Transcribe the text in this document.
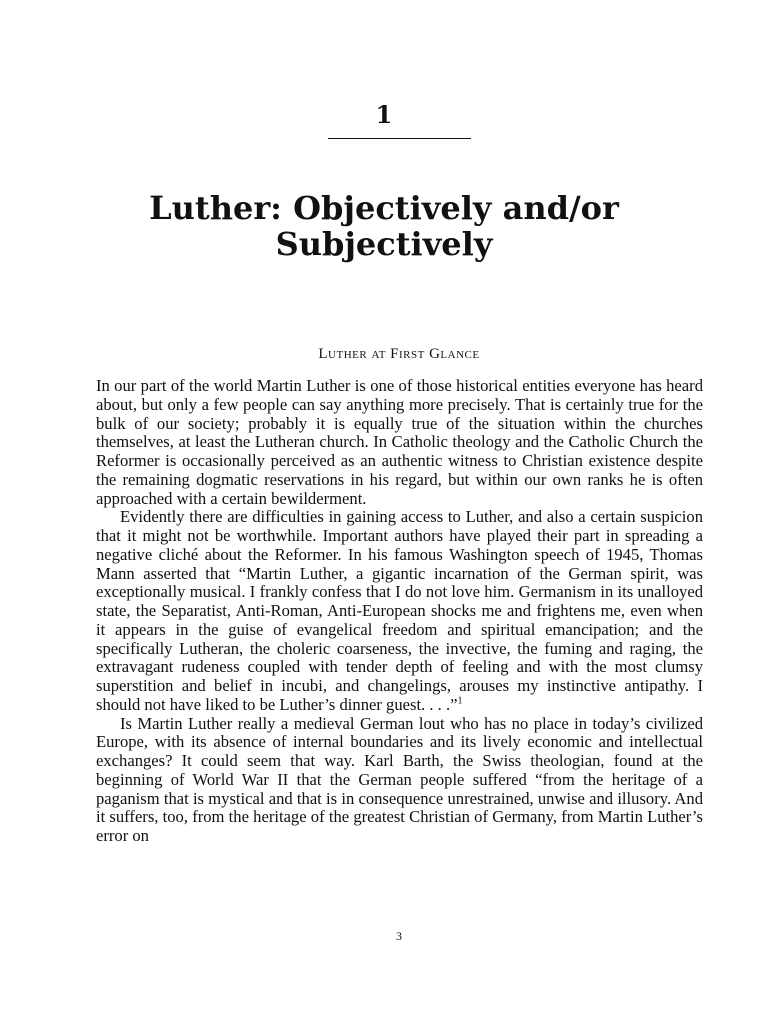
1
Luther: Objectively and/or
Subjectively
Luther at First Glance

In our part of the world Martin Luther is one of those historical entities everyone has heard about, but only a few people can say anything more precisely. That is certainly true for the bulk of our society; probably it is equally true of the situation within the churches themselves, at least the Lutheran church. In Catholic theology and the Catholic Church the Reformer is occasionally perceived as an authentic witness to Christian existence despite the remaining dogmatic reservations in his regard, but within our own ranks he is often approached with a certain bewilderment.

Evidently there are difficulties in gaining access to Luther, and also a certain suspicion that it might not be worthwhile. Important authors have played their part in spreading a negative cliché about the Reformer. In his famous Washington speech of 1945, Thomas Mann asserted that “Martin Luther, a gigantic incarnation of the German spirit, was exceptionally musical. I frankly confess that I do not love him. Germanism in its unalloyed state, the Separatist, Anti-Roman, Anti-European shocks me and frightens me, even when it appears in the guise of evangelical freedom and spiritual emancipation; and the specifically Lutheran, the choleric coarseness, the invective, the fuming and raging, the extravagant rudeness coupled with tender depth of feeling and with the most clumsy superstition and belief in incubi, and changelings, arouses my instinctive antipathy. I should not have liked to be Luther’s dinner guest. . . .”$^1$

Is Martin Luther really a medieval German lout who has no place in today’s civilized Europe, with its absence of internal boundaries and its lively economic and intellectual exchanges? It could seem that way. Karl Barth, the Swiss theologian, found at the beginning of World War II that the German people suffered “from the heritage of a paganism that is mystical and that is in consequence unrestrained, unwise and illusory. And it suffers, too, from the heritage of the greatest Christian of Germany, from Martin Luther’s error on

3
